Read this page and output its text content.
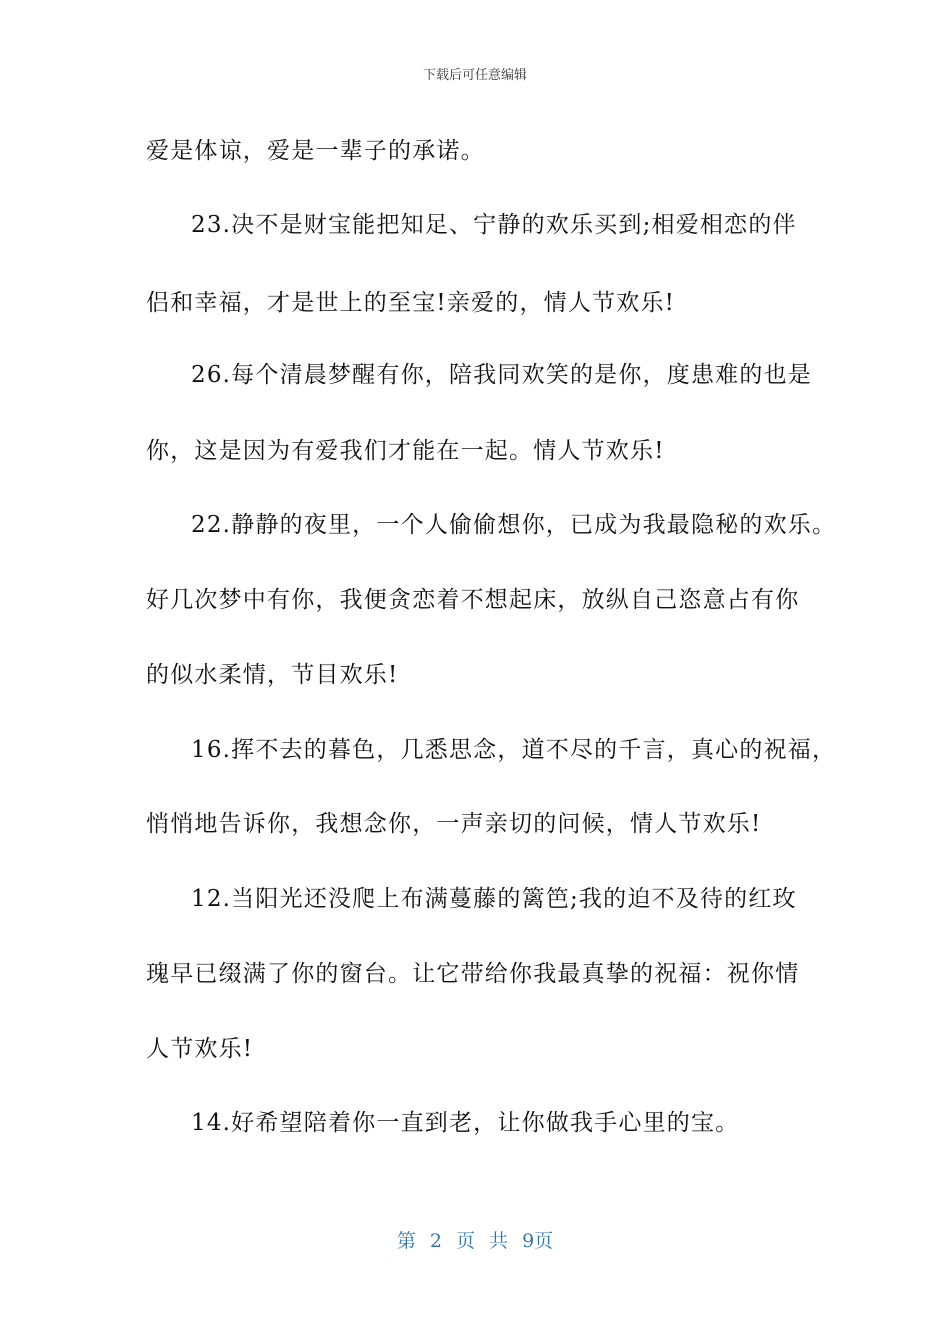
下载后可任意编辑
爱是体谅，爱是一辈子的承诺。
23.决不是财宝能把知足、宁静的欢乐买到;相爱相恋的伴
侣和幸福，才是世上的至宝!亲爱的，情人节欢乐!
26.每个清晨梦醒有你，陪我同欢笑的是你，度患难的也是
你，这是因为有爱我们才能在一起。情人节欢乐!
22.静静的夜里，一个人偷偷想你，已成为我最隐秘的欢乐。
好几次梦中有你，我便贪恋着不想起床，放纵自己恣意占有你
的似水柔情，节目欢乐!
16.挥不去的暮色，几悉思念，道不尽的千言，真心的祝福，
悄悄地告诉你，我想念你，一声亲切的问候，情人节欢乐!
12.当阳光还没爬上布满蔓藤的篱笆;我的迫不及待的红玫
瑰早已缀满了你的窗台。让它带给你我最真挚的祝福：祝你情
人节欢乐!
14.好希望陪着你一直到老，让你做我手心里的宝。
第 2 页 共 9页
